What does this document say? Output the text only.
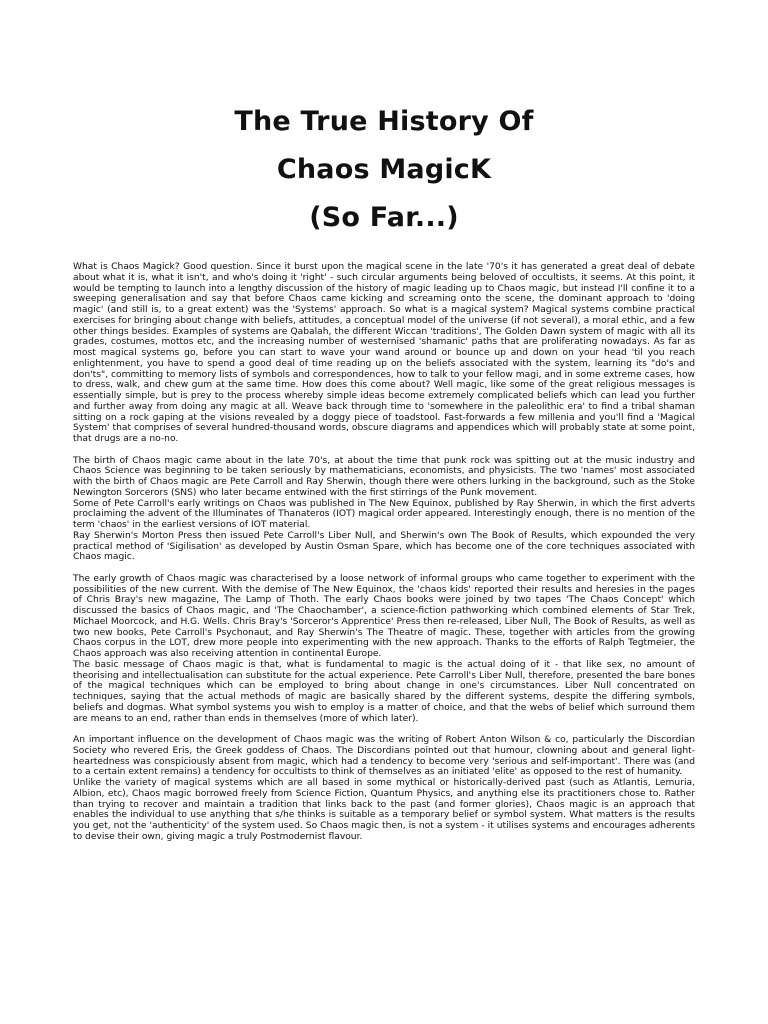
The True History Of
Chaos MagicK
(So Far...)

What is Chaos Magick? Good question. Since it burst upon the magical scene in the late '70's it has generated a great deal of debate about what it is, what it isn't, and who's doing it 'right' - such circular arguments being beloved of occultists, it seems. At this point, it would be tempting to launch into a lengthy discussion of the history of magic leading up to Chaos magic, but instead I'll confine it to a sweeping generalisation and say that before Chaos came kicking and screaming onto the scene, the dominant approach to 'doing magic' (and still is, to a great extent) was the 'Systems' approach. So what is a magical system? Magical systems combine practical exercises for bringing about change with beliefs, attitudes, a conceptual model of the universe (if not several), a moral ethic, and a few other things besides. Examples of systems are Qabalah, the different Wiccan 'traditions', The Golden Dawn system of magic with all its grades, costumes, mottos etc, and the increasing number of westernised 'shamanic' paths that are proliferating nowadays. As far as most magical systems go, before you can start to wave your wand around or bounce up and down on your head 'til you reach enlightenment, you have to spend a good deal of time reading up on the beliefs associated with the system, learning its "do's and don'ts", committing to memory lists of symbols and correspondences, how to talk to your fellow magi, and in some extreme cases, how to dress, walk, and chew gum at the same time. How does this come about? Well magic, like some of the great religious messages is essentially simple, but is prey to the process whereby simple ideas become extremely complicated beliefs which can lead you further and further away from doing any magic at all. Weave back through time to 'somewhere in the paleolithic era' to find a tribal shaman sitting on a rock gaping at the visions revealed by a doggy piece of toadstool. Fast-forwards a few millenia and you'll find a 'Magical System' that comprises of several hundred-thousand words, obscure diagrams and appendices which will probably state at some point, that drugs are a no-no.

The birth of Chaos magic came about in the late 70's, at about the time that punk rock was spitting out at the music industry and Chaos Science was beginning to be taken seriously by mathematicians, economists, and physicists. The two 'names' most associated with the birth of Chaos magic are Pete Carroll and Ray Sherwin, though there were others lurking in the background, such as the Stoke Newington Sorcerors (SNS) who later became entwined with the first stirrings of the Punk movement.

Some of Pete Carroll's early writings on Chaos was published in The New Equinox, published by Ray Sherwin, in which the first adverts proclaiming the advent of the Illuminates of Thanateros (IOT) magical order appeared. Interestingly enough, there is no mention of the term 'chaos' in the earliest versions of IOT material.

Ray Sherwin's Morton Press then issued Pete Carroll's Liber Null, and Sherwin's own The Book of Results, which expounded the very practical method of 'Sigilisation' as developed by Austin Osman Spare, which has become one of the core techniques associated with Chaos magic.

The early growth of Chaos magic was characterised by a loose network of informal groups who came together to experiment with the possibilities of the new current. With the demise of The New Equinox, the 'chaos kids' reported their results and heresies in the pages of Chris Bray's new magazine, The Lamp of Thoth. The early Chaos books were joined by two tapes 'The Chaos Concept' which discussed the basics of Chaos magic, and 'The Chaochamber', a science-fiction pathworking which combined elements of Star Trek, Michael Moorcock, and H.G. Wells. Chris Bray's 'Sorceror's Apprentice' Press then re-released, Liber Null, The Book of Results, as well as two new books, Pete Carroll's Psychonaut, and Ray Sherwin's The Theatre of magic. These, together with articles from the growing Chaos corpus in the LOT, drew more people into experimenting with the new approach. Thanks to the efforts of Ralph Tegtmeier, the Chaos approach was also receiving attention in continental Europe.

The basic message of Chaos magic is that, what is fundamental to magic is the actual doing of it - that like sex, no amount of theorising and intellectualisation can substitute for the actual experience. Pete Carroll's Liber Null, therefore, presented the bare bones of the magical techniques which can be employed to bring about change in one's circumstances. Liber Null concentrated on techniques, saying that the actual methods of magic are basically shared by the different systems, despite the differing symbols, beliefs and dogmas. What symbol systems you wish to employ is a matter of choice, and that the webs of belief which surround them are means to an end, rather than ends in themselves (more of which later).

An important influence on the development of Chaos magic was the writing of Robert Anton Wilson & co, particularly the Discordian Society who revered Eris, the Greek goddess of Chaos. The Discordians pointed out that humour, clowning about and general light-heartedness was conspiciously absent from magic, which had a tendency to become very 'serious and self-important'. There was (and to a certain extent remains) a tendency for occultists to think of themselves as an initiated 'elite' as opposed to the rest of humanity.

Unlike the variety of magical systems which are all based in some mythical or historically-derived past (such as Atlantis, Lemuria, Albion, etc), Chaos magic borrowed freely from Science Fiction, Quantum Physics, and anything else its practitioners chose to. Rather than trying to recover and maintain a tradition that links back to the past (and former glories), Chaos magic is an approach that enables the individual to use anything that s/he thinks is suitable as a temporary belief or symbol system. What matters is the results you get, not the 'authenticity' of the system used. So Chaos magic then, is not a system - it utilises systems and encourages adherents to devise their own, giving magic a truly Postmodernist flavour.
